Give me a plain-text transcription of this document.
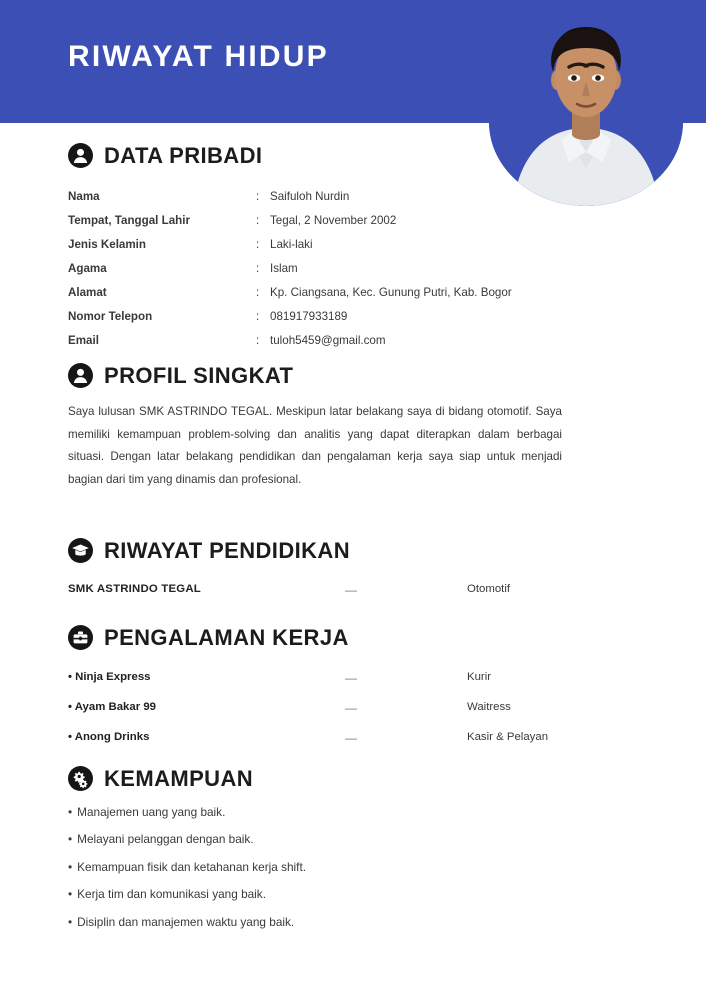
RIWAYAT HIDUP
DATA PRIBADI
Nama	:	Saifuloh Nurdin
Tempat, Tanggal Lahir	:	Tegal, 2 November 2002
Jenis Kelamin	:	Laki-laki
Agama	:	Islam
Alamat	:	Kp. Ciangsana, Kec. Gunung Putri, Kab. Bogor
Nomor Telepon	:	081917933189
Email	:	tuloh5459@gmail.com
PROFIL SINGKAT
Saya lulusan SMK ASTRINDO TEGAL. Meskipun latar belakang saya di bidang otomotif. Saya memiliki kemampuan problem-solving dan analitis yang dapat diterapkan dalam berbagai situasi. Dengan latar belakang pendidikan dan pengalaman kerja saya siap untuk menjadi bagian dari tim yang dinamis dan profesional.
RIWAYAT PENDIDIKAN
SMK ASTRINDO TEGAL	—	Otomotif
PENGALAMAN KERJA
• Ninja Express	—	Kurir
• Ayam Bakar 99	—	Waitress
• Anong Drinks	—	Kasir & Pelayan
KEMAMPUAN
• Manajemen uang yang baik.
• Melayani pelanggan dengan baik.
• Kemampuan fisik dan ketahanan kerja shift.
• Kerja tim dan komunikasi yang baik.
• Disiplin dan manajemen waktu yang baik.
